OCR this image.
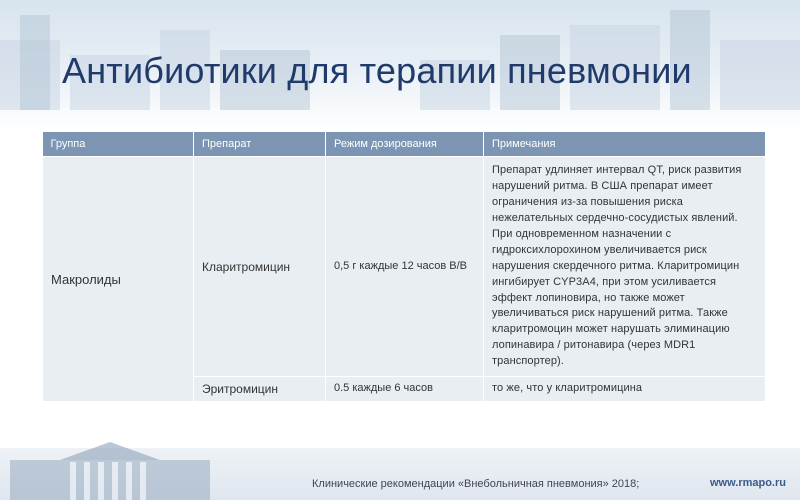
Антибиотики для терапии пневмонии
Группа	Препарат	Режим дозирования	Примечания
Макролиды	Кларитромицин	0,5 г каждые 12 часов В/В	Препарат удлиняет интервал QT, риск развития нарушений ритма. В США препарат имеет ограничения из-за повышения риска нежелательных сердечно-сосудистых явлений. При одновременном назначении с гидроксихлорохином увеличивается риск нарушения скердечного ритма. Кларитромицин ингибирует CYP3A4, при этом усиливается эффект лопиновира, но также может увеличиваться риск нарушений ритма. Также кларитромоцин может нарушать элиминацию лопинавира / ритонавира (через MDR1 транспортер).
	Эритромицин	0.5 каждые 6 часов	то же, что у кларитромицина
Клинические рекомендации «Внебольничная пневмония» 2018;	www.rmapo.ru
